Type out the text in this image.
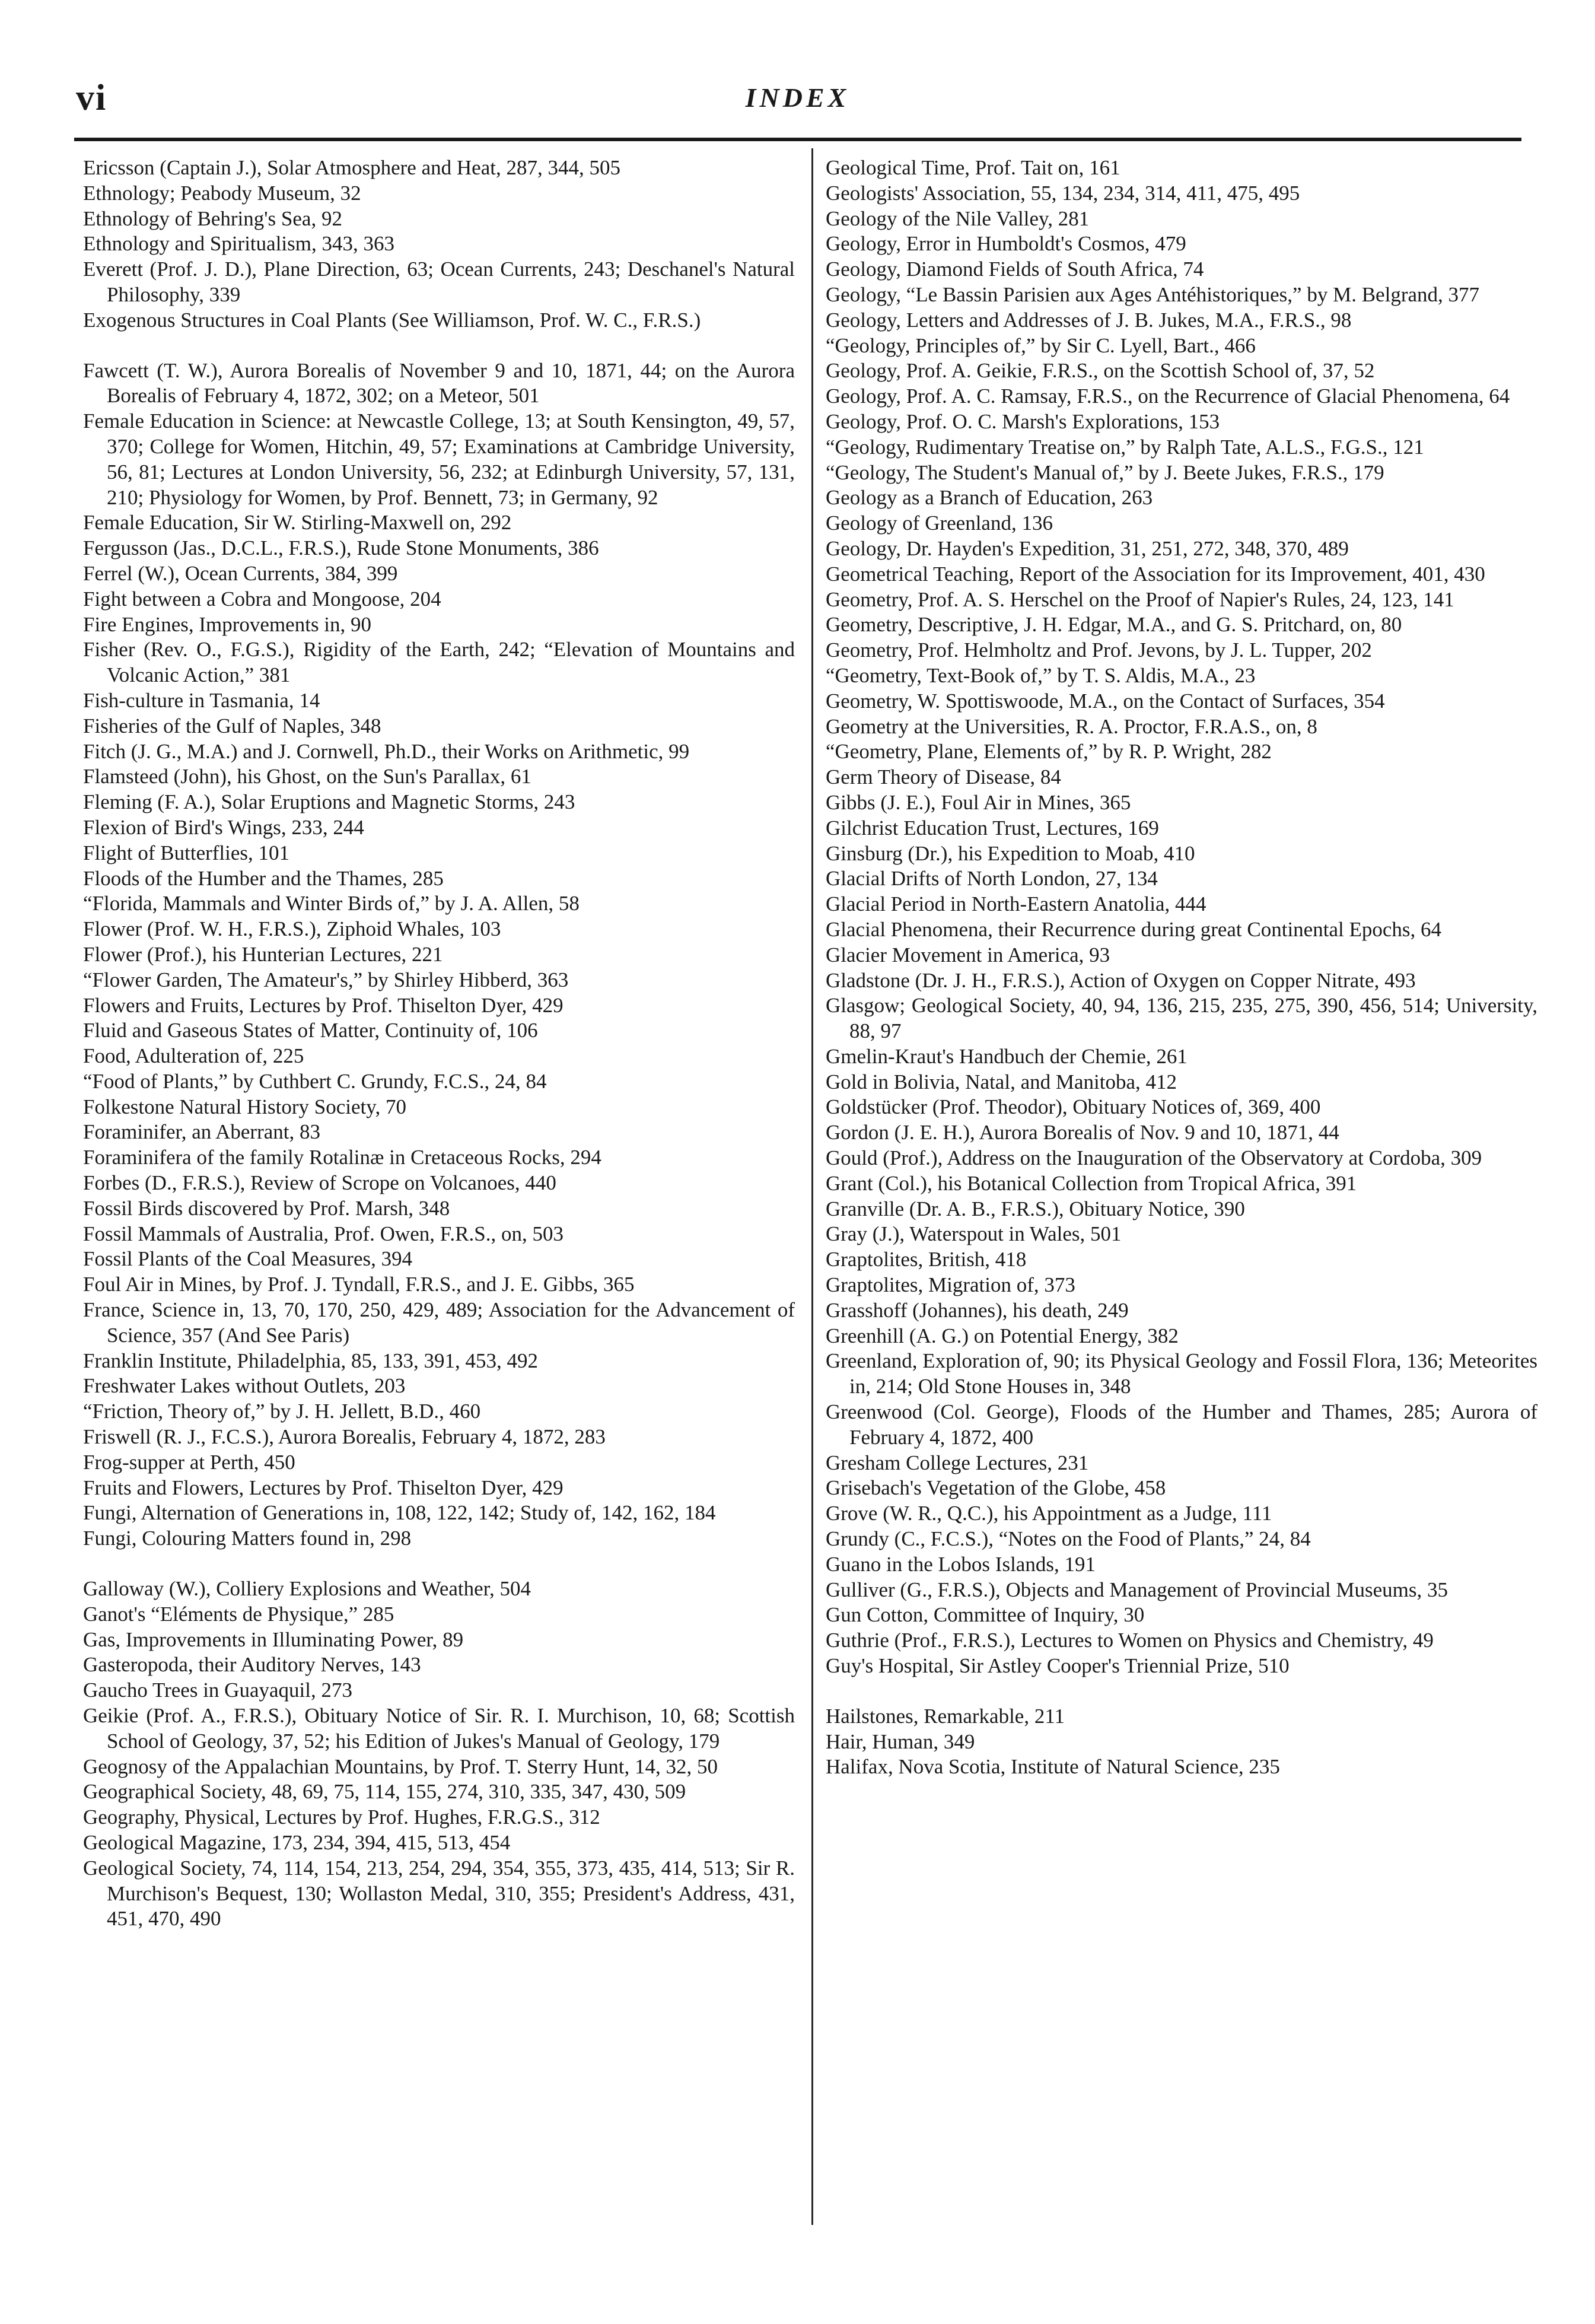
vi	INDEX
Ericsson (Captain J.), Solar Atmosphere and Heat, 287, 344, 505
Ethnology; Peabody Museum, 32
Ethnology of Behring's Sea, 92
Ethnology and Spiritualism, 343, 363
Everett (Prof. J. D.), Plane Direction, 63; Ocean Currents, 243; Deschanel's Natural Philosophy, 339
Exogenous Structures in Coal Plants (See Williamson, Prof. W. C., F.R.S.)
Fawcett (T. W.), Aurora Borealis of November 9 and 10, 1871, 44; on the Aurora Borealis of February 4, 1872, 302; on a Meteor, 501
Female Education in Science: at Newcastle College, 13; at South Kensington, 49, 57, 370; College for Women, Hitchin, 49, 57; Examinations at Cambridge University, 56, 81; Lectures at London University, 56, 232; at Edinburgh University, 57, 131, 210; Physiology for Women, by Prof. Bennett, 73; in Germany, 92
Female Education, Sir W. Stirling-Maxwell on, 292
Fergusson (Jas., D.C.L., F.R.S.), Rude Stone Monuments, 386
Ferrel (W.), Ocean Currents, 384, 399
Fight between a Cobra and Mongoose, 204
Fire Engines, Improvements in, 90
Fisher (Rev. O., F.G.S.), Rigidity of the Earth, 242; “Elevation of Mountains and Volcanic Action,” 381
Fish-culture in Tasmania, 14
Fisheries of the Gulf of Naples, 348
Fitch (J. G., M.A.) and J. Cornwell, Ph.D., their Works on Arithmetic, 99
Flamsteed (John), his Ghost, on the Sun's Parallax, 61
Fleming (F. A.), Solar Eruptions and Magnetic Storms, 243
Flexion of Bird's Wings, 233, 244
Flight of Butterflies, 101
Floods of the Humber and the Thames, 285
“Florida, Mammals and Winter Birds of,” by J. A. Allen, 58
Flower (Prof. W. H., F.R.S.), Ziphoid Whales, 103
Flower (Prof.), his Hunterian Lectures, 221
“Flower Garden, The Amateur's,” by Shirley Hibberd, 363
Flowers and Fruits, Lectures by Prof. Thiselton Dyer, 429
Fluid and Gaseous States of Matter, Continuity of, 106
Food, Adulteration of, 225
“Food of Plants,” by Cuthbert C. Grundy, F.C.S., 24, 84
Folkestone Natural History Society, 70
Foraminifer, an Aberrant, 83
Foraminifera of the family Rotalinæ in Cretaceous Rocks, 294
Forbes (D., F.R.S.), Review of Scrope on Volcanoes, 440
Fossil Birds discovered by Prof. Marsh, 348
Fossil Mammals of Australia, Prof. Owen, F.R.S., on, 503
Fossil Plants of the Coal Measures, 394
Foul Air in Mines, by Prof. J. Tyndall, F.R.S., and J. E. Gibbs, 365
France, Science in, 13, 70, 170, 250, 429, 489; Association for the Advancement of Science, 357 (And See Paris)
Franklin Institute, Philadelphia, 85, 133, 391, 453, 492
Freshwater Lakes without Outlets, 203
“Friction, Theory of,” by J. H. Jellett, B.D., 460
Friswell (R. J., F.C.S.), Aurora Borealis, February 4, 1872, 283
Frog-supper at Perth, 450
Fruits and Flowers, Lectures by Prof. Thiselton Dyer, 429
Fungi, Alternation of Generations in, 108, 122, 142; Study of, 142, 162, 184
Fungi, Colouring Matters found in, 298
Galloway (W.), Colliery Explosions and Weather, 504
Ganot's “Eléments de Physique,” 285
Gas, Improvements in Illuminating Power, 89
Gasteropoda, their Auditory Nerves, 143
Gaucho Trees in Guayaquil, 273
Geikie (Prof. A., F.R.S.), Obituary Notice of Sir. R. I. Murchison, 10, 68; Scottish School of Geology, 37, 52; his Edition of Jukes's Manual of Geology, 179
Geognosy of the Appalachian Mountains, by Prof. T. Sterry Hunt, 14, 32, 50
Geographical Society, 48, 69, 75, 114, 155, 274, 310, 335, 347, 430, 509
Geography, Physical, Lectures by Prof. Hughes, F.R.G.S., 312
Geological Magazine, 173, 234, 394, 415, 513, 454
Geological Society, 74, 114, 154, 213, 254, 294, 354, 355, 373, 435, 414, 513; Sir R. Murchison's Bequest, 130; Wollaston Medal, 310, 355; President's Address, 431, 451, 470, 490
Geological Time, Prof. Tait on, 161
Geologists' Association, 55, 134, 234, 314, 411, 475, 495
Geology of the Nile Valley, 281
Geology, Error in Humboldt's Cosmos, 479
Geology, Diamond Fields of South Africa, 74
Geology, “Le Bassin Parisien aux Ages Antéhistoriques,” by M. Belgrand, 377
Geology, Letters and Addresses of J. B. Jukes, M.A., F.R.S., 98
“Geology, Principles of,” by Sir C. Lyell, Bart., 466
Geology, Prof. A. Geikie, F.R.S., on the Scottish School of, 37, 52
Geology, Prof. A. C. Ramsay, F.R.S., on the Recurrence of Glacial Phenomena, 64
Geology, Prof. O. C. Marsh's Explorations, 153
“Geology, Rudimentary Treatise on,” by Ralph Tate, A.L.S., F.G.S., 121
“Geology, The Student's Manual of,” by J. Beete Jukes, F.R.S., 179
Geology as a Branch of Education, 263
Geology of Greenland, 136
Geology, Dr. Hayden's Expedition, 31, 251, 272, 348, 370, 489
Geometrical Teaching, Report of the Association for its Improvement, 401, 430
Geometry, Prof. A. S. Herschel on the Proof of Napier's Rules, 24, 123, 141
Geometry, Descriptive, J. H. Edgar, M.A., and G. S. Pritchard, on, 80
Geometry, Prof. Helmholtz and Prof. Jevons, by J. L. Tupper, 202
“Geometry, Text-Book of,” by T. S. Aldis, M.A., 23
Geometry, W. Spottiswoode, M.A., on the Contact of Surfaces, 354
Geometry at the Universities, R. A. Proctor, F.R.A.S., on, 8
“Geometry, Plane, Elements of,” by R. P. Wright, 282
Germ Theory of Disease, 84
Gibbs (J. E.), Foul Air in Mines, 365
Gilchrist Education Trust, Lectures, 169
Ginsburg (Dr.), his Expedition to Moab, 410
Glacial Drifts of North London, 27, 134
Glacial Period in North-Eastern Anatolia, 444
Glacial Phenomena, their Recurrence during great Continental Epochs, 64
Glacier Movement in America, 93
Gladstone (Dr. J. H., F.R.S.), Action of Oxygen on Copper Nitrate, 493
Glasgow; Geological Society, 40, 94, 136, 215, 235, 275, 390, 456, 514; University, 88, 97
Gmelin-Kraut's Handbuch der Chemie, 261
Gold in Bolivia, Natal, and Manitoba, 412
Goldstücker (Prof. Theodor), Obituary Notices of, 369, 400
Gordon (J. E. H.), Aurora Borealis of Nov. 9 and 10, 1871, 44
Gould (Prof.), Address on the Inauguration of the Observatory at Cordoba, 309
Grant (Col.), his Botanical Collection from Tropical Africa, 391
Granville (Dr. A. B., F.R.S.), Obituary Notice, 390
Gray (J.), Waterspout in Wales, 501
Graptolites, British, 418
Graptolites, Migration of, 373
Grasshoff (Johannes), his death, 249
Greenhill (A. G.) on Potential Energy, 382
Greenland, Exploration of, 90; its Physical Geology and Fossil Flora, 136; Meteorites in, 214; Old Stone Houses in, 348
Greenwood (Col. George), Floods of the Humber and Thames, 285; Aurora of February 4, 1872, 400
Gresham College Lectures, 231
Grisebach's Vegetation of the Globe, 458
Grove (W. R., Q.C.), his Appointment as a Judge, 111
Grundy (C., F.C.S.), “Notes on the Food of Plants,” 24, 84
Guano in the Lobos Islands, 191
Gulliver (G., F.R.S.), Objects and Management of Provincial Museums, 35
Gun Cotton, Committee of Inquiry, 30
Guthrie (Prof., F.R.S.), Lectures to Women on Physics and Chemistry, 49
Guy's Hospital, Sir Astley Cooper's Triennial Prize, 510
Hailstones, Remarkable, 211
Hair, Human, 349
Halifax, Nova Scotia, Institute of Natural Science, 235
